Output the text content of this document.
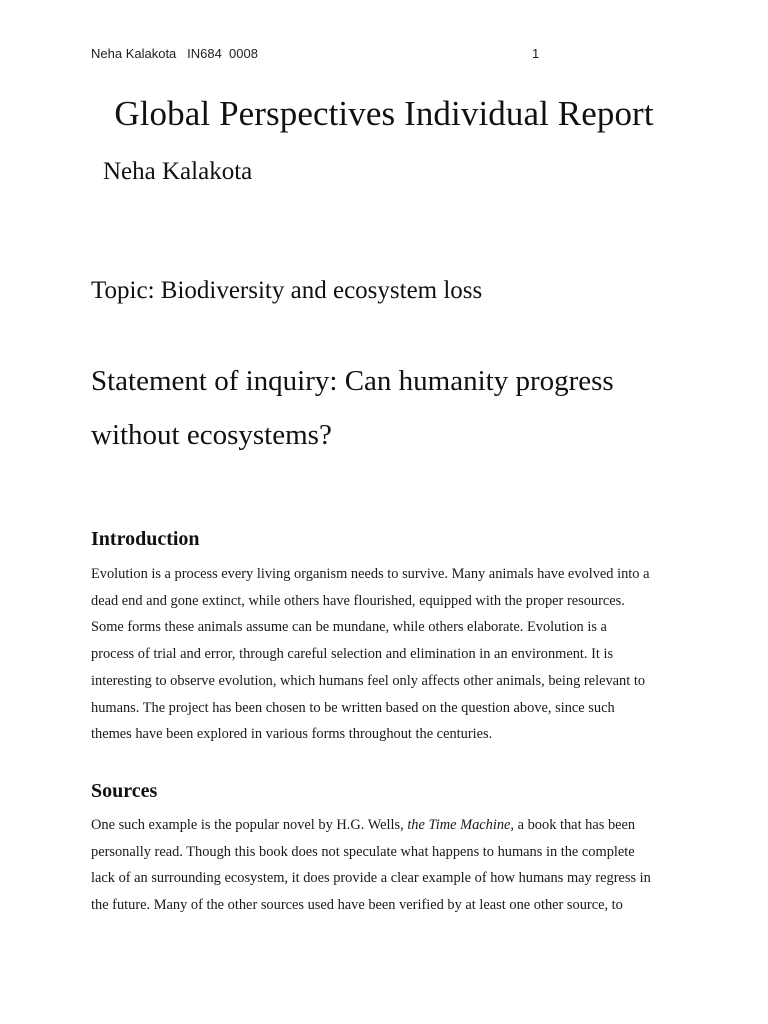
Neha Kalakota   IN684  0008	1
Global Perspectives Individual Report

Neha Kalakota

Topic: Biodiversity and ecosystem loss

Statement of inquiry: Can humanity progress
without ecosystems?

Introduction

Evolution is a process every living organism needs to survive. Many animals have evolved into a
dead end and gone extinct, while others have flourished, equipped with the proper resources.
Some forms these animals assume can be mundane, while others elaborate. Evolution is a
process of trial and error, through careful selection and elimination in an environment. It is
interesting to observe evolution, which humans feel only affects other animals, being relevant to
humans. The project has been chosen to be written based on the question above, since such
themes have been explored in various forms throughout the centuries.

Sources

One such example is the popular novel by H.G. Wells, the Time Machine, a book that has been
personally read. Though this book does not speculate what happens to humans in the complete
lack of an surrounding ecosystem, it does provide a clear example of how humans may regress in
the future. Many of the other sources used have been verified by at least one other source, to
